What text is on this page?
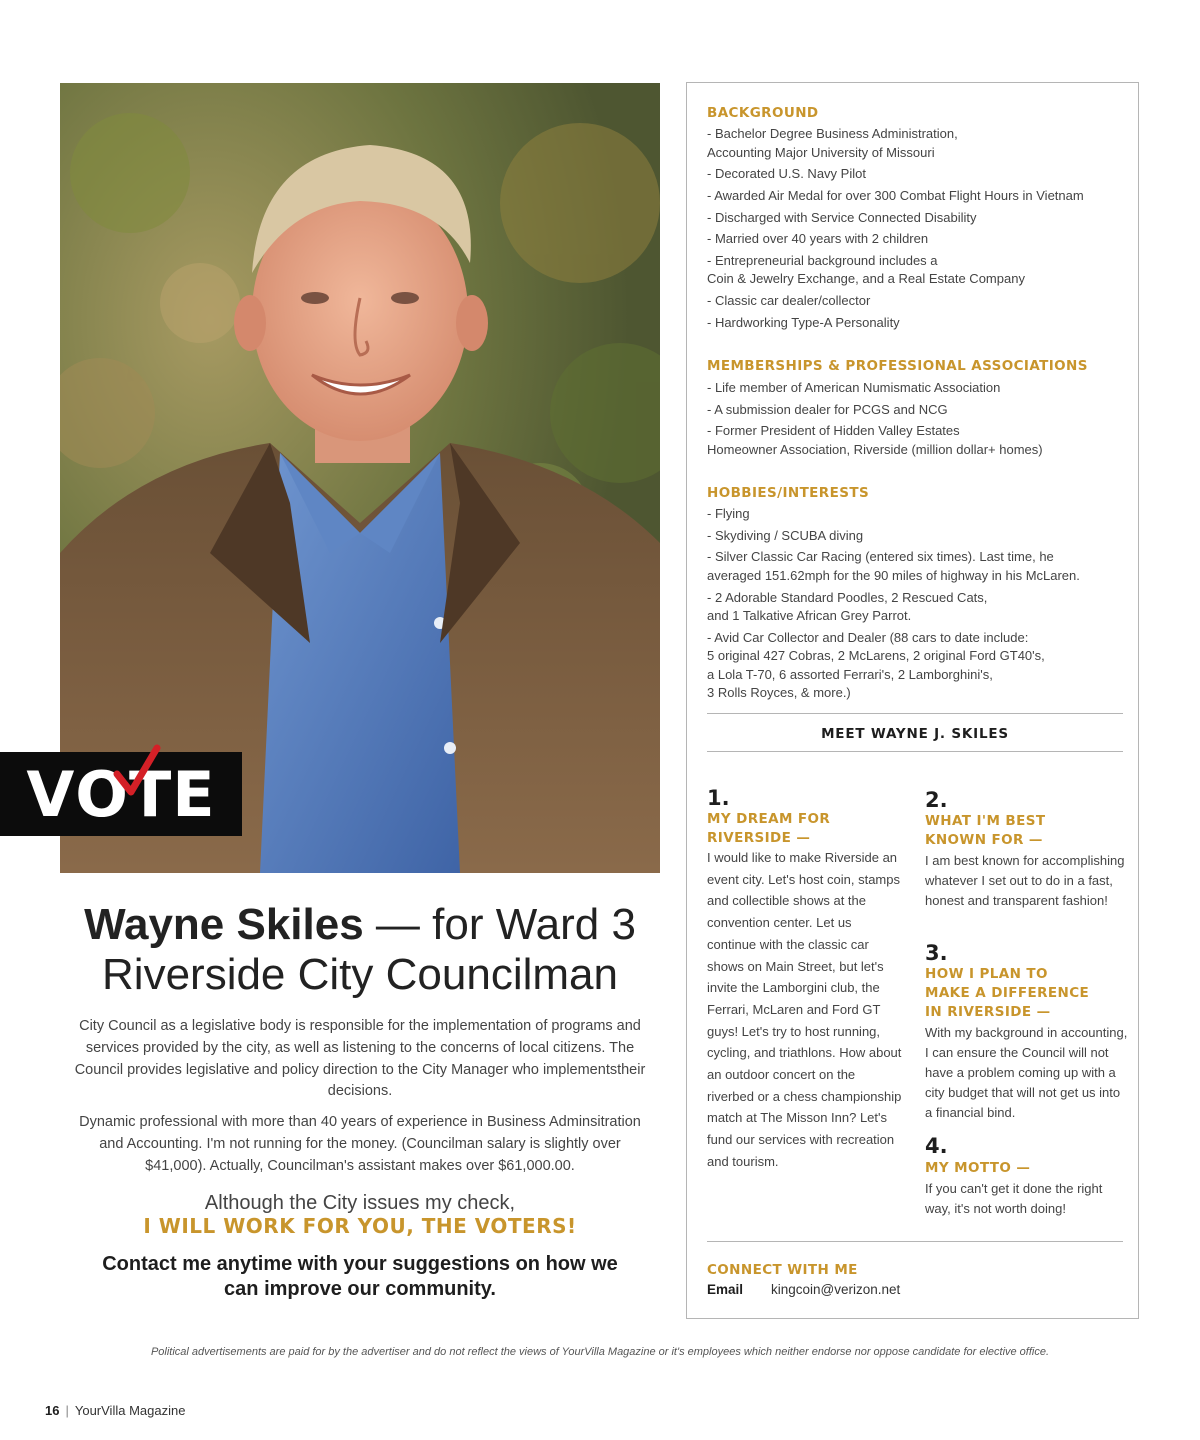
V O TE
Wayne Skiles — for Ward 3
Riverside City Councilman

City Council as a legislative body is responsible for the implementation of programs and services provided by the city, as well as listening to the concerns of local citizens. The Council provides legislative and policy direction to the City Manager who implementstheir decisions.

Dynamic professional with more than 40 years of experience in Business Adminsitration and Accounting. I'm not running for the money. (Councilman salary is slightly over $41,000). Actually, Councilman's assistant makes over $61,000.00.

Although the City issues my check,
I WILL WORK FOR YOU, THE VOTERS!
Contact me anytime with your suggestions on how we can improve our community.
BACKGROUND
- Bachelor Degree Business Administration,
Accounting Major University of Missouri
- Decorated U.S. Navy Pilot
- Awarded Air Medal for over 300 Combat Flight Hours in Vietnam
- Discharged with Service Connected Disability
- Married over 40 years with 2 children
- Entrepreneurial background includes a
Coin & Jewelry Exchange, and a Real Estate Company
- Classic car dealer/collector
- Hardworking Type-A Personality
MEMBERSHIPS & PROFESSIONAL ASSOCIATIONS
- Life member of American Numismatic Association
- A submission dealer for PCGS and NCG
- Former President of Hidden Valley Estates
Homeowner Association, Riverside (million dollar+ homes)
HOBBIES/INTERESTS
- Flying
- Skydiving / SCUBA diving
- Silver Classic Car Racing (entered six times). Last time, he
averaged 151.62mph for the 90 miles of highway in his McLaren.
- 2 Adorable Standard Poodles, 2 Rescued Cats,
and 1 Talkative African Grey Parrot.
- Avid Car Collector and Dealer (88 cars to date include:
5 original 427 Cobras, 2 McLarens, 2 original Ford GT40's,
a Lola T-70, 6 assorted Ferrari's, 2 Lamborghini's,
3 Rolls Royces, & more.)
MEET WAYNE J. SKILES
1.
MY DREAM FOR
RIVERSIDE —
I would like to make Riverside an event city. Let's host coin, stamps and collectible shows at the convention center. Let us continue with the classic car shows on Main Street, but let's invite the Lamborgini club, the Ferrari, McLaren and Ford GT guys! Let's try to host running, cycling, and triathlons. How about an outdoor concert on the riverbed or a chess championship match at The Misson Inn? Let's fund our services with recreation and tourism.
2.
WHAT I'M BEST
KNOWN FOR —
I am best known for accomplishing whatever I set out to do in a fast, honest and transparent fashion!
3.
HOW I PLAN TO
MAKE A DIFFERENCE
IN RIVERSIDE —
With my background in accounting, I can ensure the Council will not have a problem coming up with a city budget that will not get us into a financial bind.
4.
MY MOTTO —
If you can't get it done the right way, it's not worth doing!
CONNECT WITH ME
Email kingcoin@verizon.net
Political advertisements are paid for by the advertiser and do not reflect the views of YourVilla Magazine or it's employees which neither endorse nor oppose candidate for elective office.
16 | YourVilla Magazine
